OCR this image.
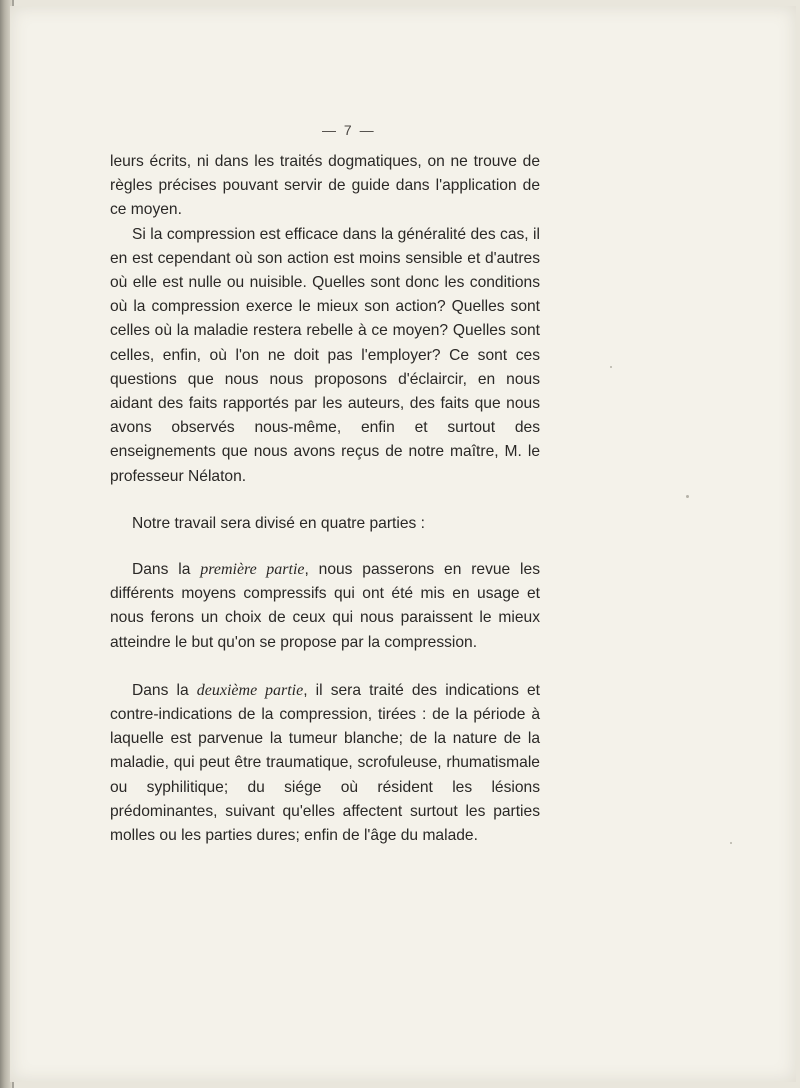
— 7 —

leurs écrits, ni dans les traités dogmatiques, on ne trouve de règles précises pouvant servir de guide dans l'application de ce moyen.

Si la compression est efficace dans la généralité des cas, il en est cependant où son action est moins sensible et d'autres où elle est nulle ou nuisible. Quelles sont donc les conditions où la compression exerce le mieux son action? Quelles sont celles où la maladie restera rebelle à ce moyen? Quelles sont celles, enfin, où l'on ne doit pas l'employer? Ce sont ces questions que nous nous proposons d'éclaircir, en nous aidant des faits rapportés par les auteurs, des faits que nous avons observés nous-même, enfin et surtout des enseignements que nous avons reçus de notre maître, M. le professeur Nélaton.

Notre travail sera divisé en quatre parties :

Dans la première partie, nous passerons en revue les différents moyens compressifs qui ont été mis en usage et nous ferons un choix de ceux qui nous paraissent le mieux atteindre le but qu'on se propose par la compression.

Dans la deuxième partie, il sera traité des indications et contre-indications de la compression, tirées : de la période à laquelle est parvenue la tumeur blanche; de la nature de la maladie, qui peut être traumatique, scrofuleuse, rhumatismale ou syphilitique; du siége où résident les lésions prédominantes, suivant qu'elles affectent surtout les parties molles ou les parties dures; enfin de l'âge du malade.
